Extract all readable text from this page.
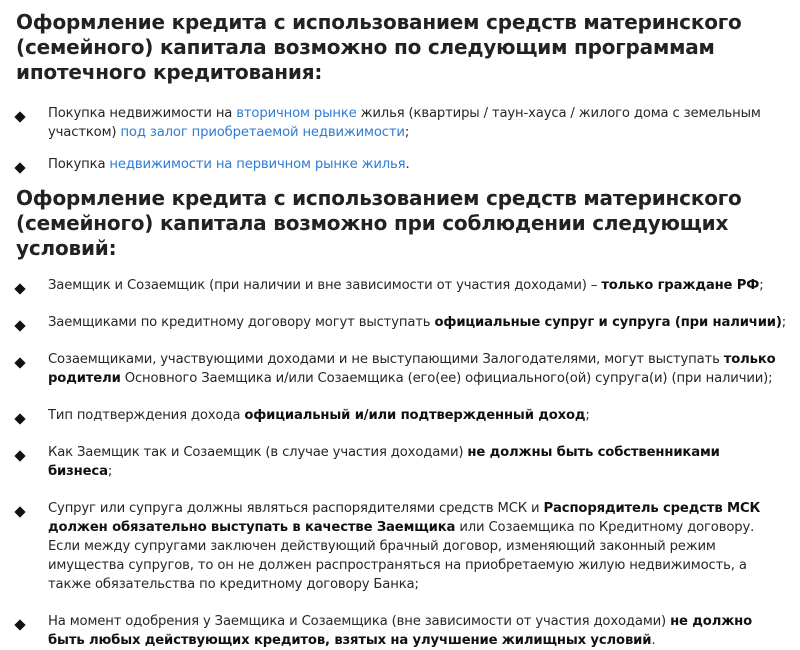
Оформление кредита с использованием средств материнского (семейного) капитала возможно по следующим программам ипотечного кредитования:
Покупка недвижимости на вторичном рынке жилья (квартиры / таун-хауса / жилого дома с земельным участком) под залог приобретаемой недвижимости;
Покупка недвижимости на первичном рынке жилья.
Оформление кредита с использованием средств материнского (семейного) капитала возможно при соблюдении следующих условий:
Заемщик и Созаемщик (при наличии и вне зависимости от участия доходами) – только граждане РФ;
Заемщиками по кредитному договору могут выступать официальные супруг и супруга (при наличии);
Созаемщиками, участвующими доходами и не выступающими Залогодателями, могут выступать только родители Основного Заемщика и/или Созаемщика (его(ее) официального(ой) супруга(и) (при наличии);
Тип подтверждения дохода официальный и/или подтвержденный доход;
Как Заемщик так и Созаемщик (в случае участия доходами) не должны быть собственниками бизнеса;
Супруг или супруга должны являться распорядителями средств МСК и Распорядитель средств МСК должен обязательно выступать в качестве Заемщика или Созаемщика по Кредитному договору. Если между супругами заключен действующий брачный договор, изменяющий законный режим имущества супругов, то он не должен распространяться на приобретаемую жилую недвижимость, а также обязательства по кредитному договору Банка;
На момент одобрения у Заемщика и Созаемщика (вне зависимости от участия доходами) не должно быть любых действующих кредитов, взятых на улучшение жилищных условий.
